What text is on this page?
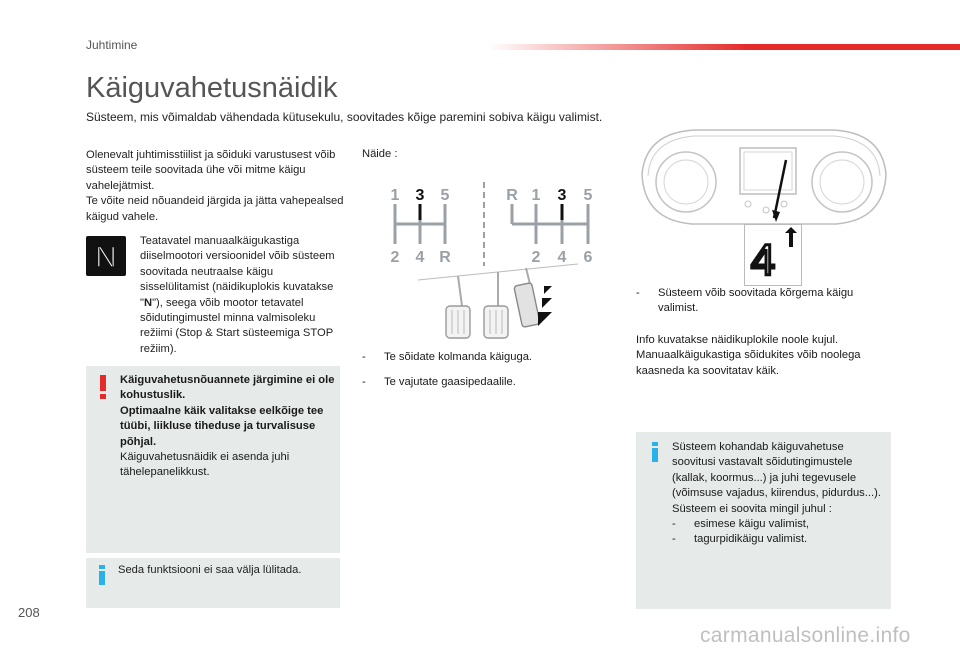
Juhtimine
Käiguvahetusnäidik
Süsteem, mis võimaldab vähendada kütusekulu, soovitades kõige paremini sobiva käigu valimist.

Olenevalt juhtimisstiilist ja sõiduki varustusest võib süsteem teile soovitada ühe või mitme käigu vahelejätmist.

Te võite neid nõuandeid järgida ja jätta vahepealsed käigud vahele.

N Teatavatel manuaalkäigukastiga diiselmootori versioonidel võib süsteem soovitada neutraalse käigu sisselülitamist (näidikuplokis kuvatakse "N"), seega võib mootor tetavatel sõidutingimustel minna valmisoleku režiimi (Stop & Start süsteemiga STOP režiim).
Käiguvahetusnõuannete järgimine ei ole kohustuslik.
Optimaalne käik valitakse eelkõige tee tüübi, liikluse tiheduse ja turvalisuse põhjal.
Käiguvahetusnäidik ei asenda juhi tähelepanelikkust.
Seda funktsiooni ei saa välja lülitada.
Näide :
1 3 5
2 4 R
R 1 3 5
2 4 6
-	Te sõidate kolmanda käiguga.
-	Te vajutate gaasipedaalile.
4
-	Süsteem võib soovitada kõrgema käigu valimist.
Info kuvatakse näidikuplokile noole kujul. Manuaalkäigukastiga sõidukites võib noolega kaasneda ka soovitatav käik.
Süsteem kohandab käiguvahetuse soovitusi vastavalt sõidutingimustele (kallak, koormus...) ja juhi tegevusele (võimsuse vajadus, kiirendus, pidurdus...).
Süsteem ei soovita mingil juhul :
-	esimese käigu valimist,
-	tagurpidikäigu valimist.
208
carmanualsonline.info
